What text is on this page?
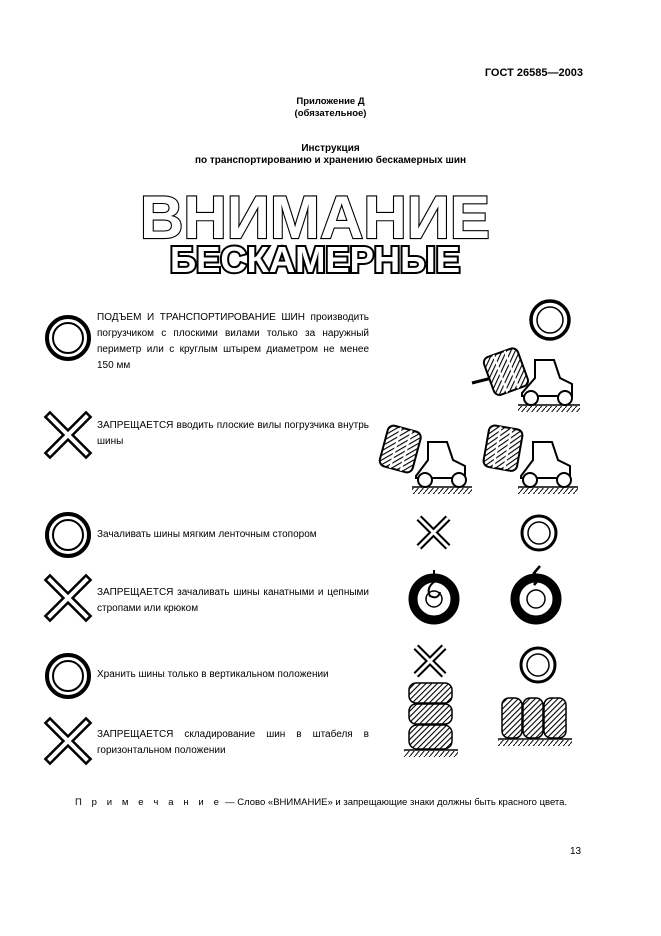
ГОСТ 26585—2003
Приложение Д
(обязательное)
Инструкция
по транспортированию и хранению бескамерных шин
ВНИМАНИЕ
БЕСКАМЕРНЫЕ
ПОДЪЕМ И ТРАНСПОРТИРОВАНИЕ ШИН производить погрузчиком с плоскими вилами только за наружный периметр или с круглым штырем диаметром не менее 150 мм
ЗАПРЕЩАЕТСЯ вводить плоские вилы погрузчика внутрь шины
Зачаливать шины мягким ленточным стопором
ЗАПРЕЩАЕТСЯ зачаливать шины канатными и цепными стропами или крюком
Хранить шины только в вертикальном положении
ЗАПРЕЩАЕТСЯ складирование шин в штабеля в горизонтальном положении
П р и м е ч а н и е — Слово «ВНИМАНИЕ» и запрещающие знаки должны быть красного цвета.
13
